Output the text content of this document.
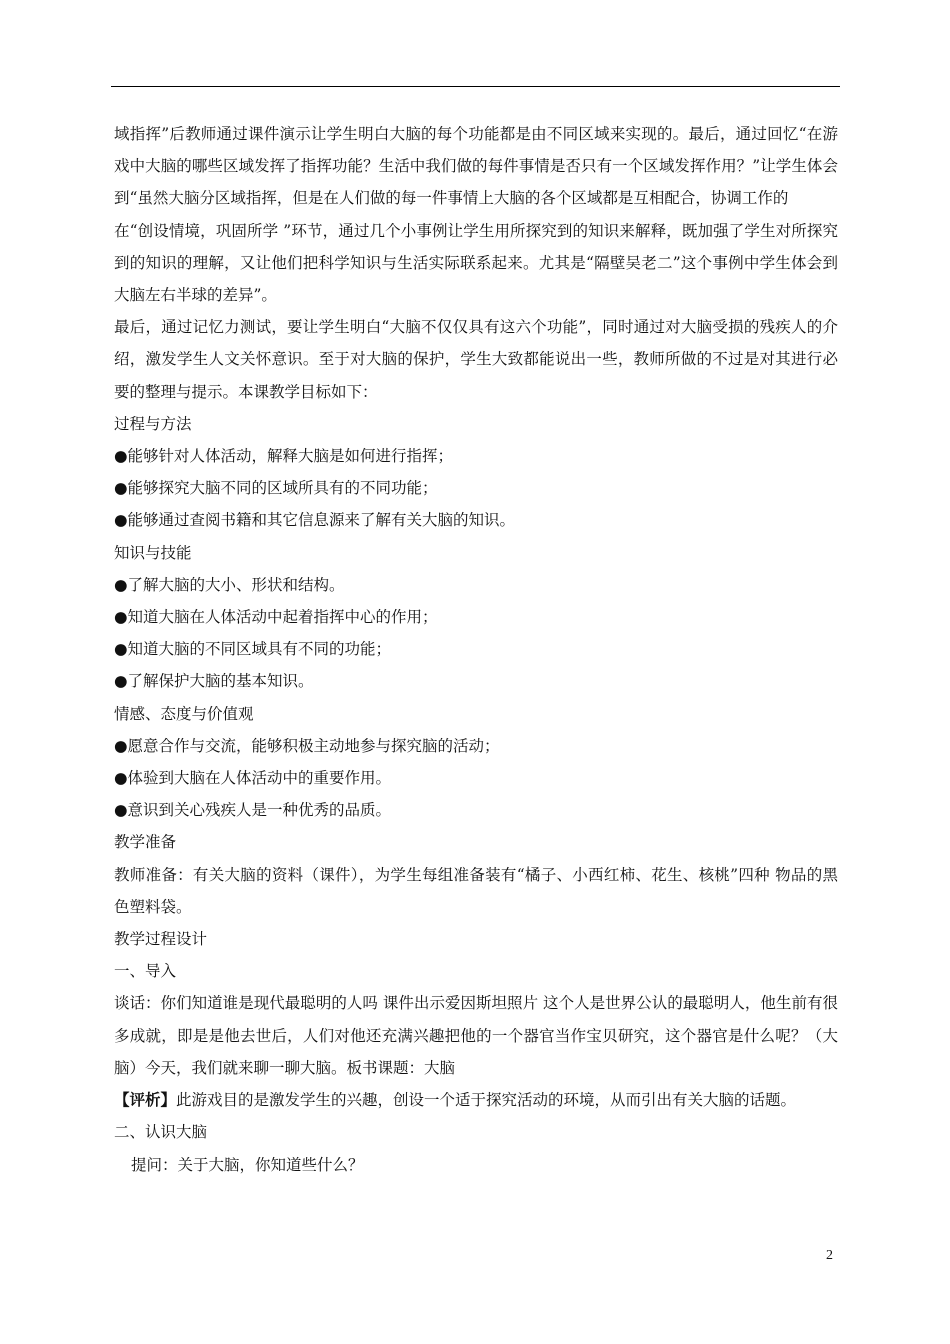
域指挥”后教师通过课件演示让学生明白大脑的每个功能都是由不同区域来实现的。最后，通过回忆“在游戏中大脑的哪些区域发挥了指挥功能？生活中我们做的每件事情是否只有一个区域发挥作用？”让学生体会到“虽然大脑分区域指挥，但是在人们做的每一件事情上大脑的各个区域都是互相配合，协调工作的

在“创设情境，巩固所学 ”环节，通过几个小事例让学生用所探究到的知识来解释，既加强了学生对所探究到的知识的理解，又让他们把科学知识与生活实际联系起来。尤其是“隔壁吴老二”这个事例中学生体会到大脑左右半球的差异”。

最后，通过记忆力测试，要让学生明白“大脑不仅仅具有这六个功能”，同时通过对大脑受损的残疾人的介绍，激发学生人文关怀意识。至于对大脑的保护，学生大致都能说出一些，教师所做的不过是对其进行必要的整理与提示。本课教学目标如下：

过程与方法

●能够针对人体活动，解释大脑是如何进行指挥；

●能够探究大脑不同的区域所具有的不同功能；

●能够通过查阅书籍和其它信息源来了解有关大脑的知识。

知识与技能

●了解大脑的大小、形状和结构。

●知道大脑在人体活动中起着指挥中心的作用；

●知道大脑的不同区域具有不同的功能；

●了解保护大脑的基本知识。

情感、态度与价值观

●愿意合作与交流，能够积极主动地参与探究脑的活动；

●体验到大脑在人体活动中的重要作用。

●意识到关心残疾人是一种优秀的品质。

教学准备

教师准备：有关大脑的资料（课件），为学生每组准备装有“橘子、小西红柿、花生、核桃”四种 物品的黑色塑料袋。

教学过程设计

一、导入

谈话：你们知道谁是现代最聪明的人吗 课件出示爱因斯坦照片 这个人是世界公认的最聪明人，他生前有很多成就，即是是他去世后，人们对他还充满兴趣把他的一个器官当作宝贝研究，这个器官是什么呢？（大脑）今天，我们就来聊一聊大脑。板书课题：大脑

【评析】此游戏目的是激发学生的兴趣，创设一个适于探究活动的环境，从而引出有关大脑的话题。

二、认识大脑

提问：关于大脑，你知道些什么？

2
